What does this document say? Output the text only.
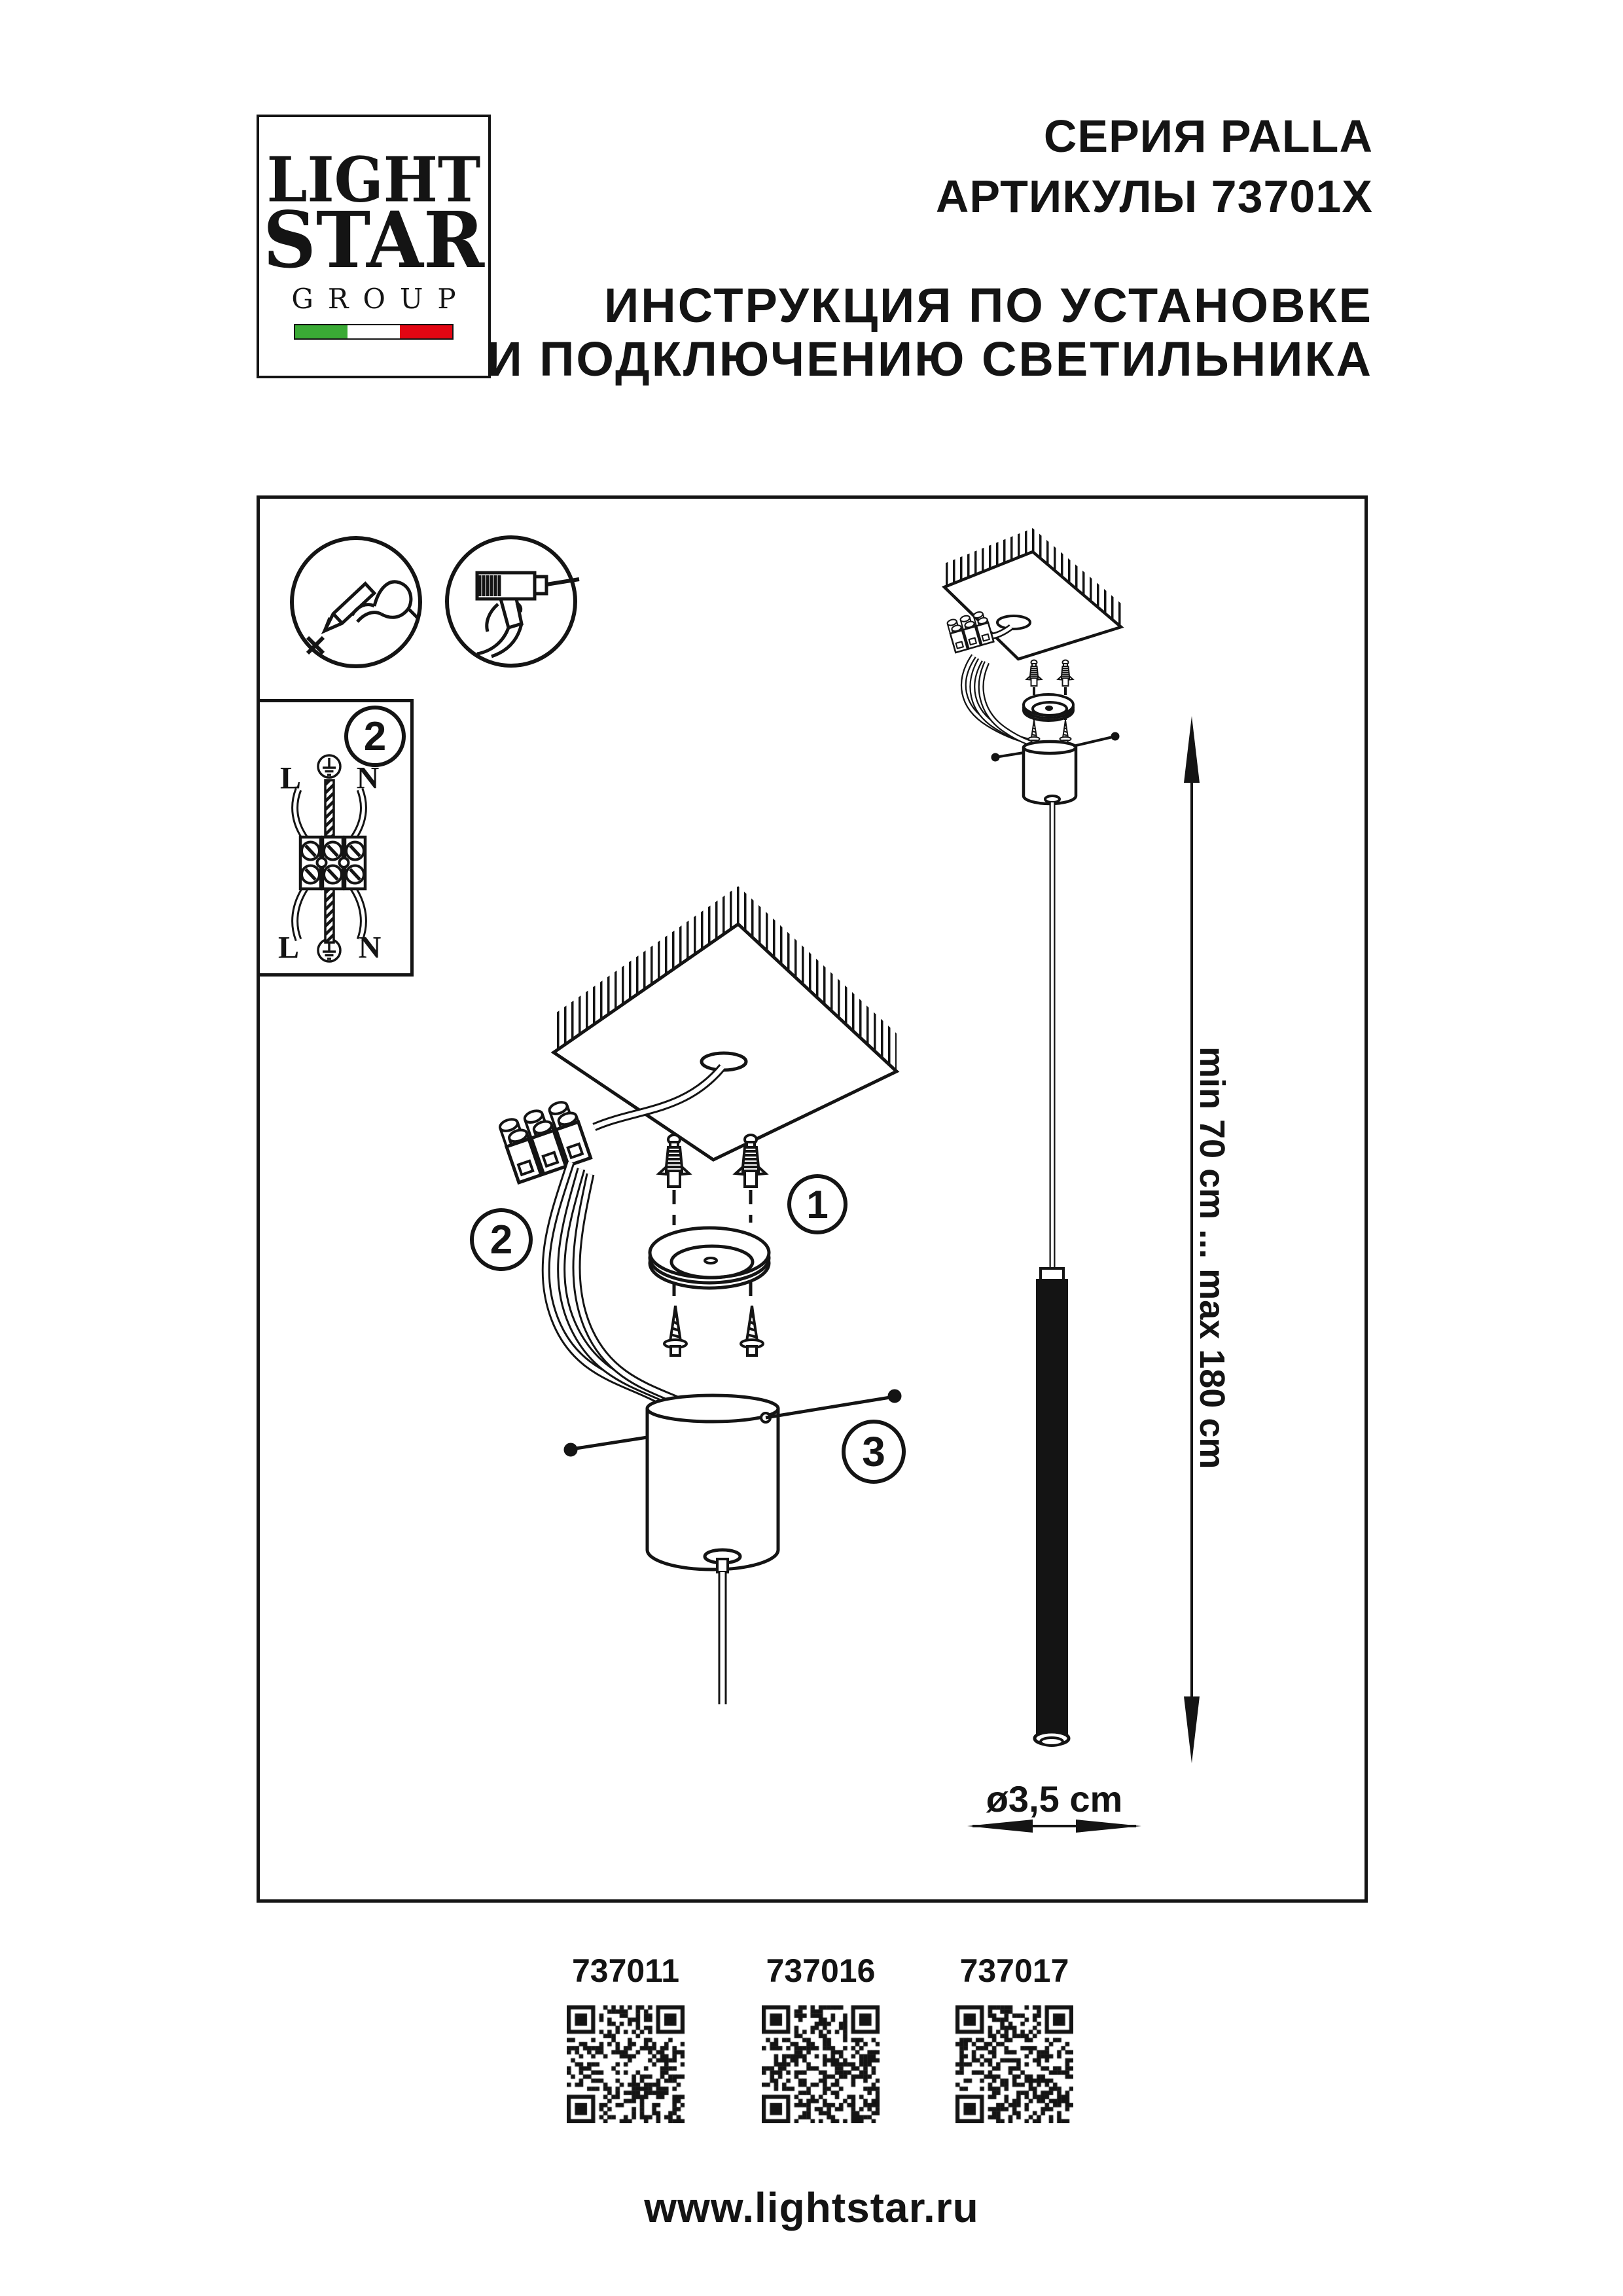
LIGHT
STAR
GROUP
СЕРИЯ PALLA
АРТИКУЛЫ 73701X
ИНСТРУКЦИЯ ПО УСТАНОВКЕ
И ПОДКЛЮЧЕНИЮ СВЕТИЛЬНИКА
2
L N
L N
1
2
3	min 70 cm ... max 180 cm
ø3,5 cm
737011	737016	737017
www.lightstar.ru
